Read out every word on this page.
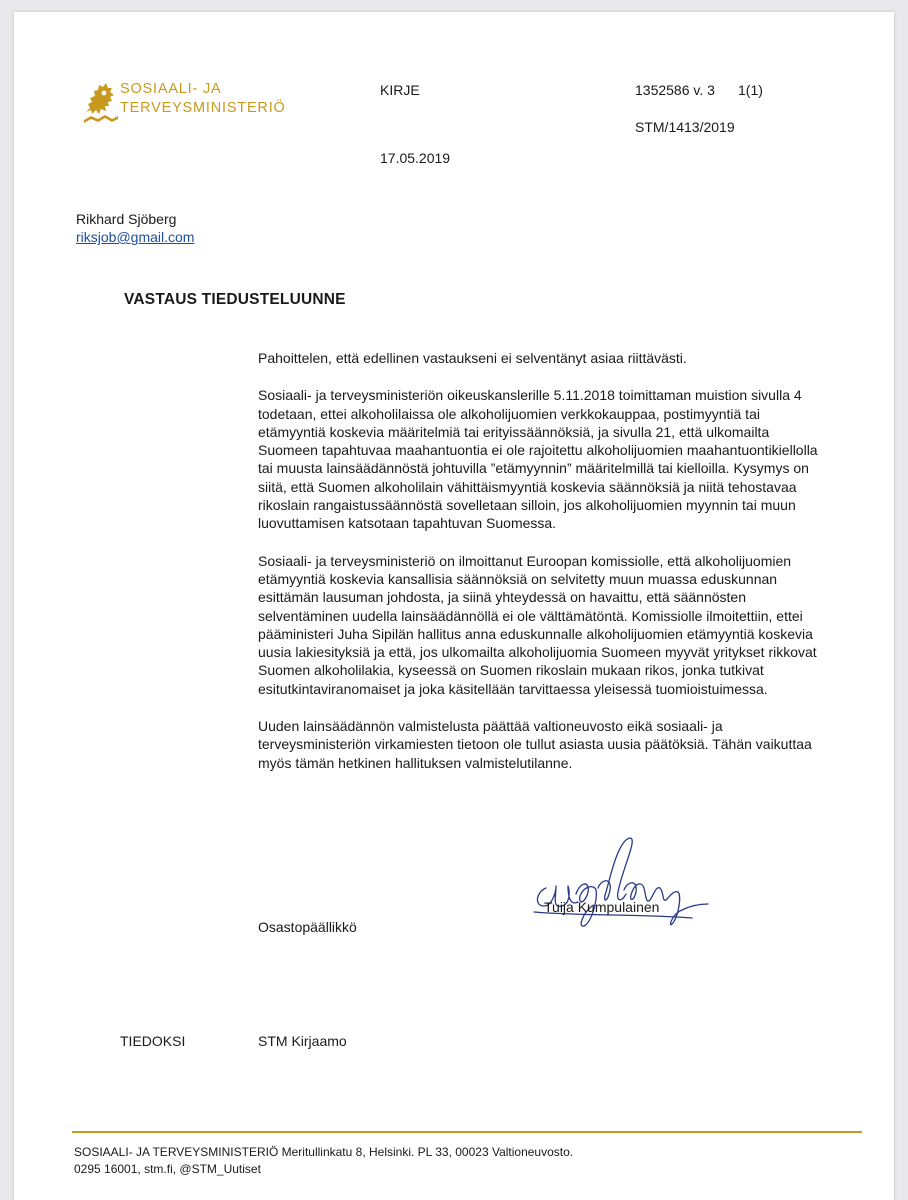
SOSIAALI- JA
TERVEYSMINISTERIÖ
KIRJE	1352586 v. 3 1(1)
STM/1413/2019
17.05.2019
Rikhard Sjöberg
riksjob@gmail.com
VASTAUS TIEDUSTELUUNNE

Pahoittelen, että edellinen vastaukseni ei selventänyt asiaa riittävästi.

Sosiaali- ja terveysministeriön oikeuskanslerille 5.11.2018 toimittaman muistion sivulla 4 todetaan, ettei alkoholilaissa ole alkoholijuomien verkkokauppaa, postimyyntiä tai etämyyntiä koskevia määritelmiä tai erityissäännöksiä, ja sivulla 21, että ulkomailta Suomeen tapahtuvaa maahantuontia ei ole rajoitettu alkoholijuomien maahantuontikiellolla tai muusta lainsäädännöstä johtuvilla ”etämyynnin” määritelmillä tai kielloilla. Kysymys on siitä, että Suomen alkoholilain vähittäismyyntiä koskevia säännöksiä ja niitä tehostavaa rikoslain rangaistussäännöstä sovelletaan silloin, jos alkoholijuomien myynnin tai muun luovuttamisen katsotaan tapahtuvan Suomessa.

Sosiaali- ja terveysministeriö on ilmoittanut Euroopan komissiolle, että alkoholijuomien etämyyntiä koskevia kansallisia säännöksiä on selvitetty muun muassa eduskunnan esittämän lausuman johdosta, ja siinä yhteydessä on havaittu, että säännösten selventäminen uudella lainsäädännöllä ei ole välttämätöntä. Komissiolle ilmoitettiin, ettei pääministeri Juha Sipilän hallitus anna eduskunnalle alkoholijuomien etämyyntiä koskevia uusia lakiesityksiä ja että, jos ulkomailta alkoholijuomia Suomeen myyvät yritykset rikkovat Suomen alkoholilakia, kyseessä on Suomen rikoslain mukaan rikos, jonka tutkivat esitutkintaviranomaiset ja joka käsitellään tarvittaessa yleisessä tuomioistuimessa.

Uuden lainsäädännön valmistelusta päättää valtioneuvosto eikä sosiaali- ja terveysministeriön virkamiesten tietoon ole tullut asiasta uusia päätöksiä. Tähän vaikuttaa myös tämän hetkinen hallituksen valmistelutilanne.

Osastopäällikkö
Tuija Kumpulainen
TIEDOKSI	STM Kirjaamo
SOSIAALI- JA TERVEYSMINISTERIÖ Meritullinkatu 8, Helsinki. PL 33, 00023 Valtioneuvosto.
0295 16001, stm.fi, @STM_Uutiset
